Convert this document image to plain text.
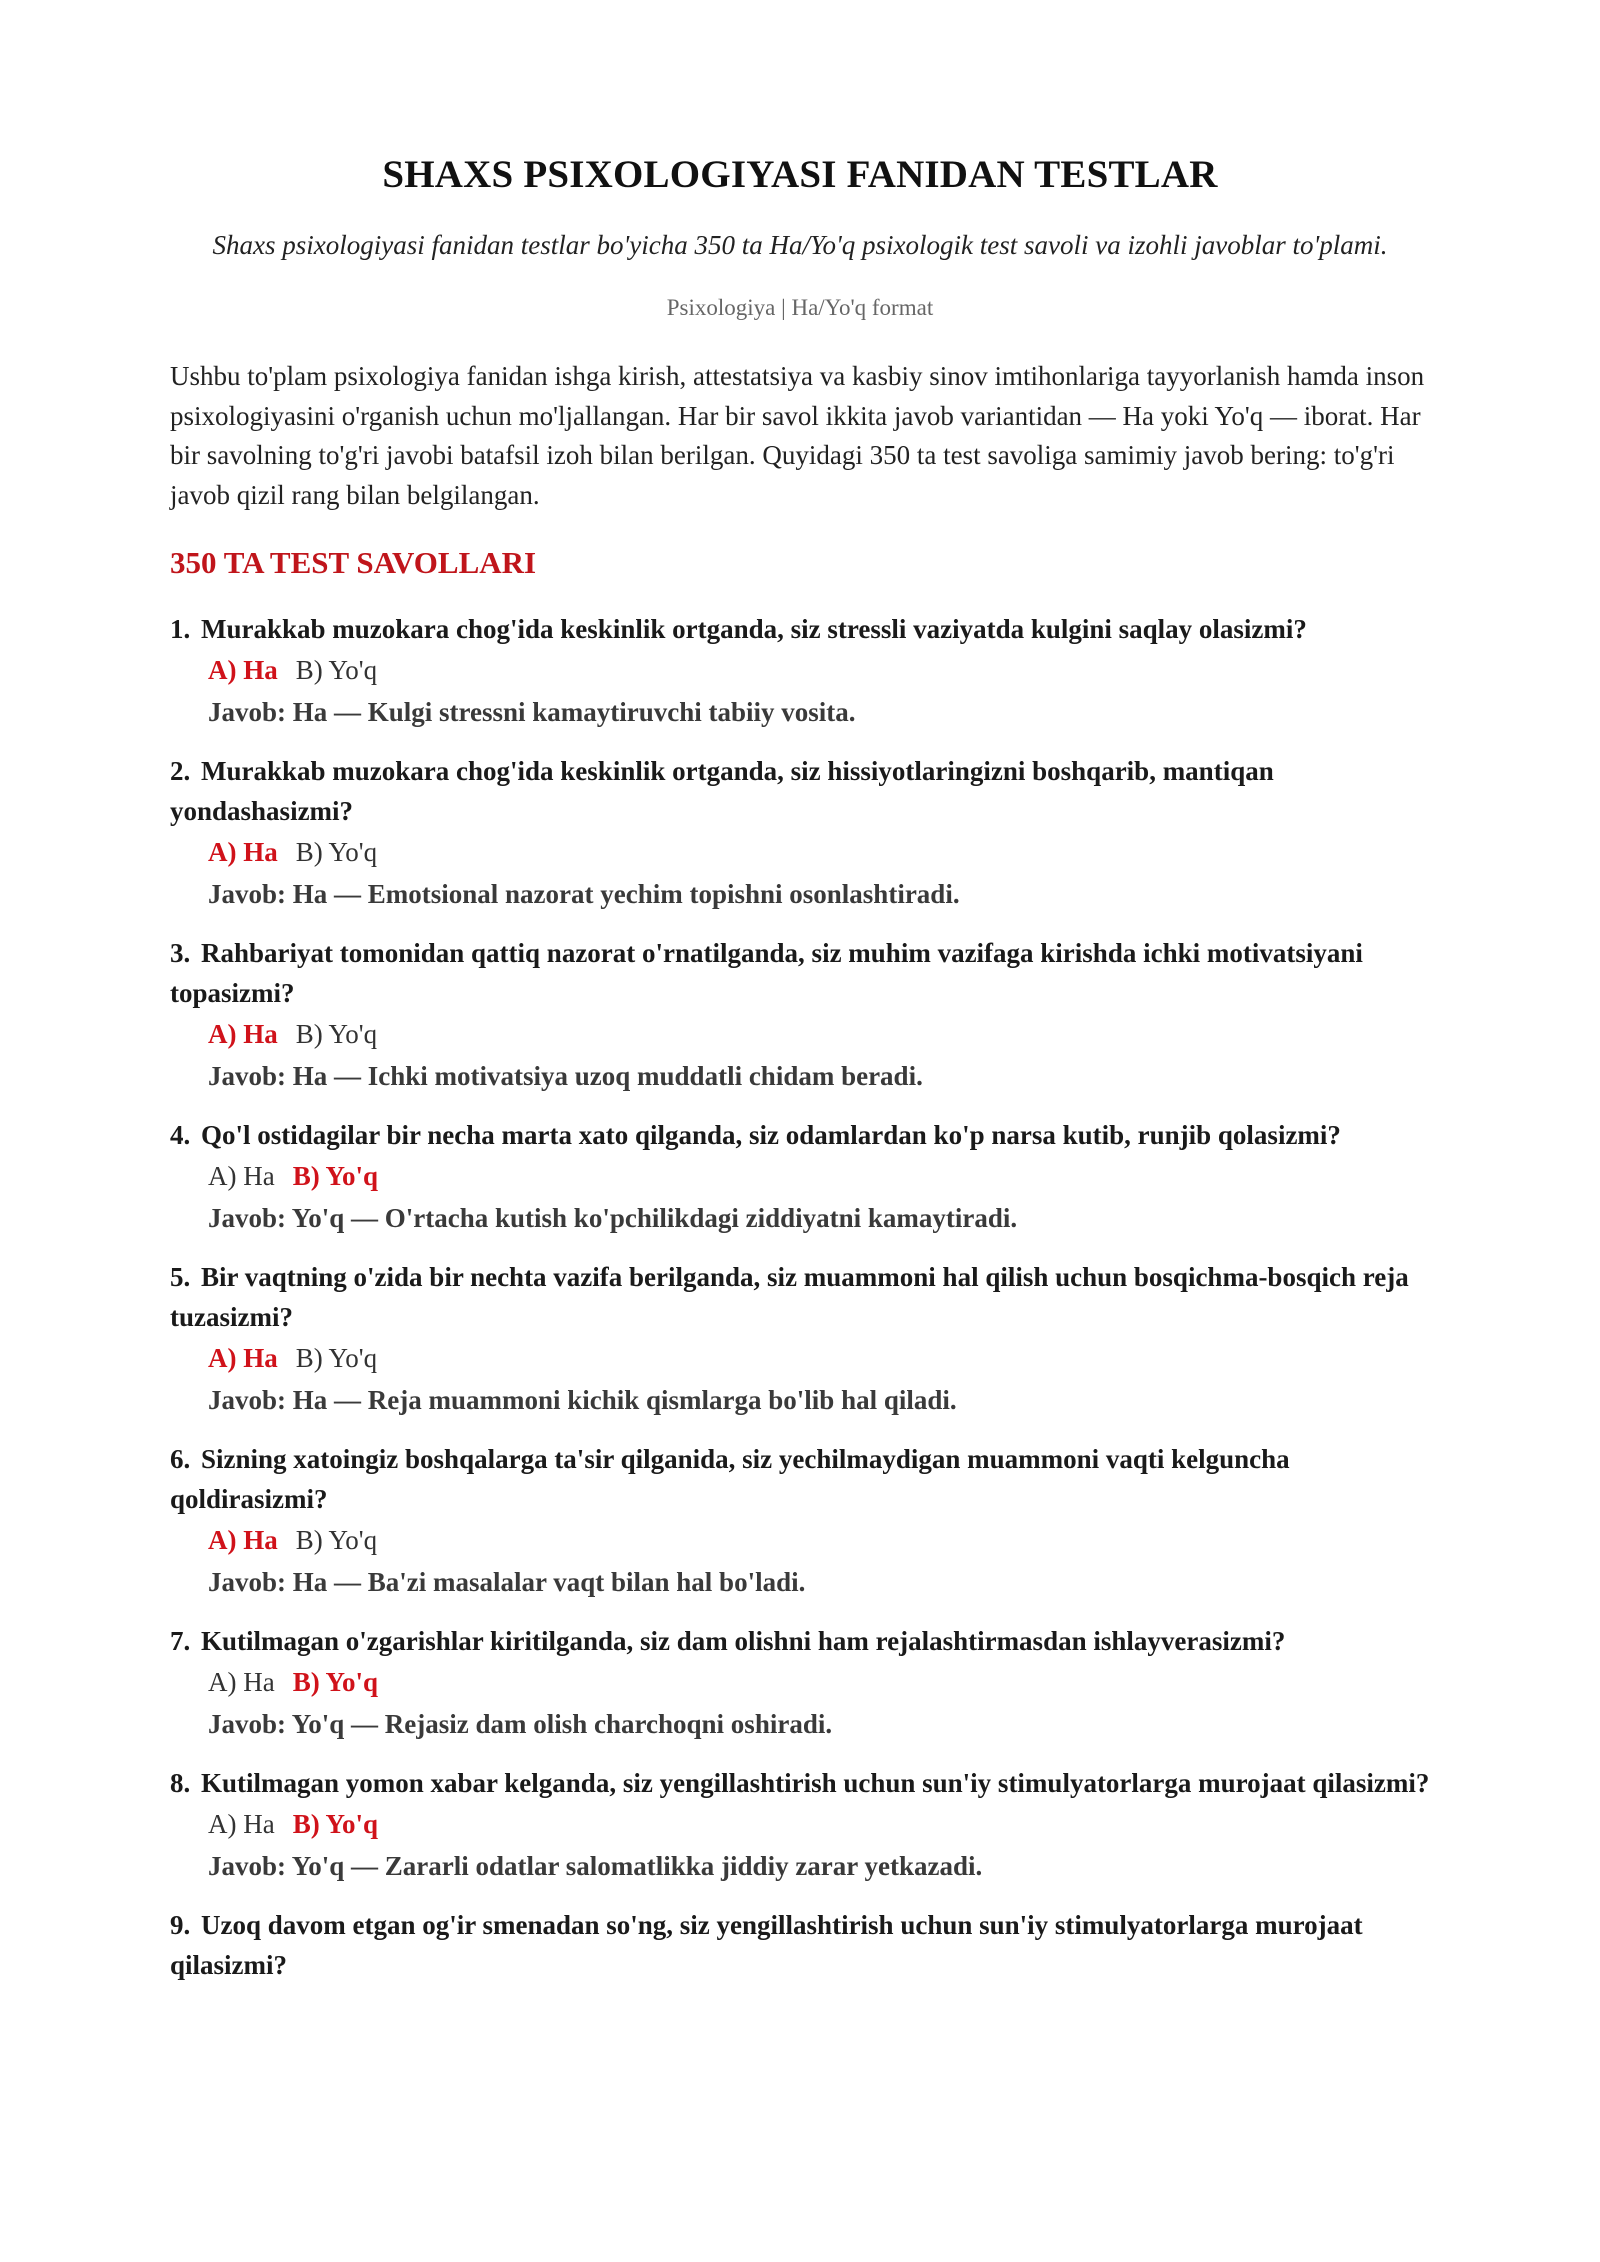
SHAXS PSIXOLOGIYASI FANIDAN TESTLAR
Shaxs psixologiyasi fanidan testlar bo'yicha 350 ta Ha/Yo'q psixologik test savoli va izohli javoblar to'plami.
Psixologiya | Ha/Yo'q format

Ushbu to'plam psixologiya fanidan ishga kirish, attestatsiya va kasbiy sinov imtihonlariga tayyorlanish hamda inson psixologiyasini o'rganish uchun mo'ljallangan. Har bir savol ikkita javob variantidan — Ha yoki Yo'q — iborat. Har bir savolning to'g'ri javobi batafsil izoh bilan berilgan. Quyidagi 350 ta test savoliga samimiy javob bering: to'g'ri javob qizil rang bilan belgilangan.

350 TA TEST SAVOLLARI
1. Murakkab muzokara chog'ida keskinlik ortganda, siz stressli vaziyatda kulgini saqlay olasizmi?
A) Ha B) Yo'q
Javob: Ha — Kulgi stressni kamaytiruvchi tabiiy vosita.
2. Murakkab muzokara chog'ida keskinlik ortganda, siz hissiyotlaringizni boshqarib, mantiqan yondashasizmi?
A) Ha B) Yo'q
Javob: Ha — Emotsional nazorat yechim topishni osonlashtiradi.
3. Rahbariyat tomonidan qattiq nazorat o'rnatilganda, siz muhim vazifaga kirishda ichki motivatsiyani topasizmi?
A) Ha B) Yo'q
Javob: Ha — Ichki motivatsiya uzoq muddatli chidam beradi.
4. Qo'l ostidagilar bir necha marta xato qilganda, siz odamlardan ko'p narsa kutib, runjib qolasizmi?
A) Ha B) Yo'q
Javob: Yo'q — O'rtacha kutish ko'pchilikdagi ziddiyatni kamaytiradi.
5. Bir vaqtning o'zida bir nechta vazifa berilganda, siz muammoni hal qilish uchun bosqichma-bosqich reja tuzasizmi?
A) Ha B) Yo'q
Javob: Ha — Reja muammoni kichik qismlarga bo'lib hal qiladi.
6. Sizning xatoingiz boshqalarga ta'sir qilganida, siz yechilmaydigan muammoni vaqti kelguncha qoldirasizmi?
A) Ha B) Yo'q
Javob: Ha — Ba'zi masalalar vaqt bilan hal bo'ladi.
7. Kutilmagan o'zgarishlar kiritilganda, siz dam olishni ham rejalashtirmasdan ishlayverasizmi?
A) Ha B) Yo'q
Javob: Yo'q — Rejasiz dam olish charchoqni oshiradi.
8. Kutilmagan yomon xabar kelganda, siz yengillashtirish uchun sun'iy stimulyatorlarga murojaat qilasizmi?
A) Ha B) Yo'q
Javob: Yo'q — Zararli odatlar salomatlikka jiddiy zarar yetkazadi.
9. Uzoq davom etgan og'ir smenadan so'ng, siz yengillashtirish uchun sun'iy stimulyatorlarga murojaat qilasizmi?
